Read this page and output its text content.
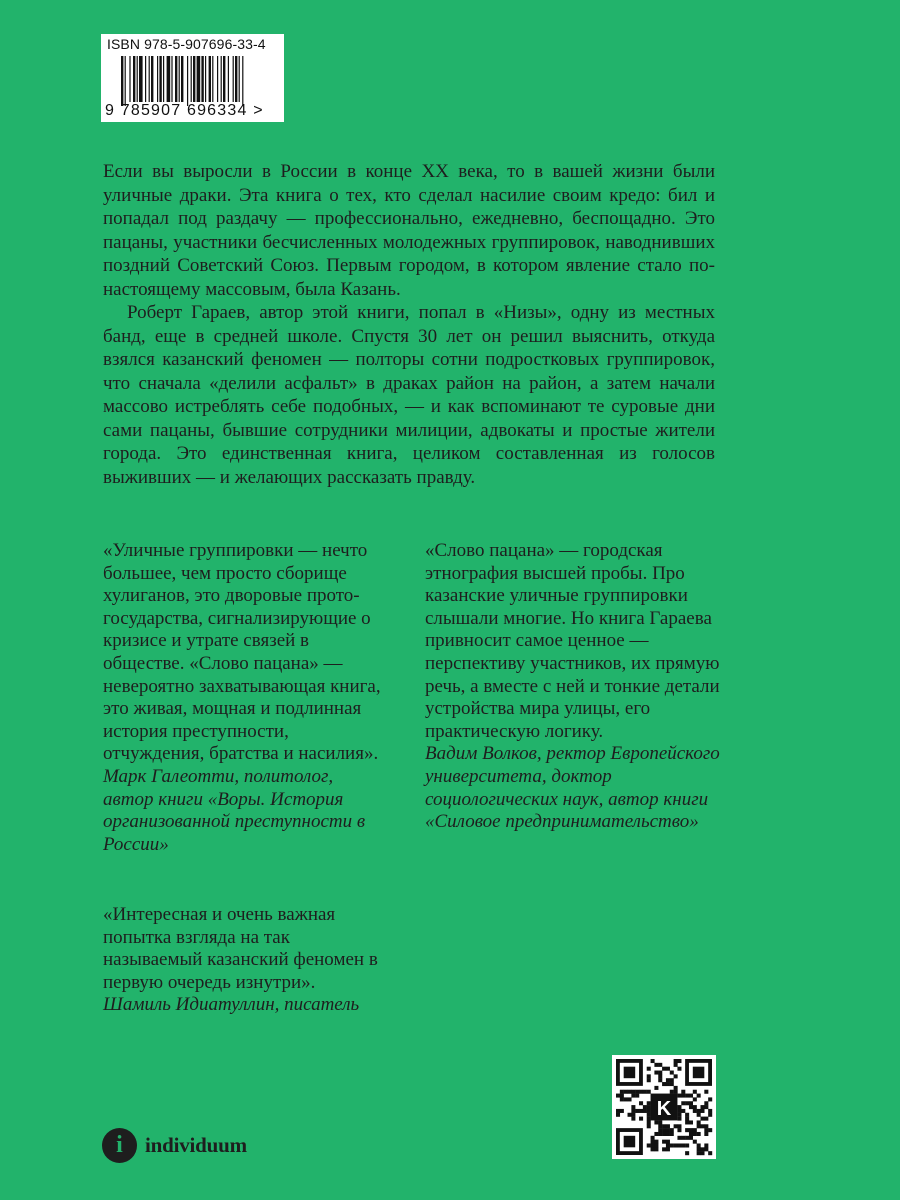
ISBN 978-5-907696-33-4
9 785907 696334 >

Если вы выросли в России в конце XX века, то в вашей жизни были уличные драки. Эта книга о тех, кто сделал насилие своим кредо: бил и попадал под раздачу — профессионально, ежедневно, беспощадно. Это пацаны, участники бесчисленных молодежных группировок, наводнивших поздний Советский Союз. Первым городом, в котором явление стало по-настоящему массовым, была Казань.

Роберт Гараев, автор этой книги, попал в «Низы», одну из местных банд, еще в средней школе. Спустя 30 лет он решил выяснить, откуда взялся казанский феномен — полторы сотни подростковых группировок, что сначала «делили асфальт» в драках район на район, а затем начали массово истреблять себе подобных, — и как вспоминают те суровые дни сами пацаны, бывшие сотрудники милиции, адвокаты и простые жители города. Это единственная книга, целиком составленная из голосов выживших — и желающих рассказать правду.

«Уличные группировки — нечто большее, чем просто сборище хулиганов, это дворовые прото-государства, сигнализирующие о кризисе и утрате связей в обществе. «Слово пацана» — невероятно захватывающая книга, это живая, мощная и подлинная история преступности, отчуждения, братства и насилия».

Марк Галеотти, политолог, автор книги «Воры. История организованной преступности в России»

«Слово пацана» — городская этнография высшей пробы. Про казанские уличные группировки слышали многие. Но книга Гараева привносит самое ценное — перспективу участников, их прямую речь, а вместе с ней и тонкие детали устройства мира улицы, его практическую логику.

Вадим Волков, ректор Европейского университета, доктор социологических наук, автор книги «Силовое предпринимательство»

«Интересная и очень важная попытка взгляда на так называемый казанский феномен в первую очередь изнутри».

Шамиль Идиатуллин, писатель

K
i	individuum
